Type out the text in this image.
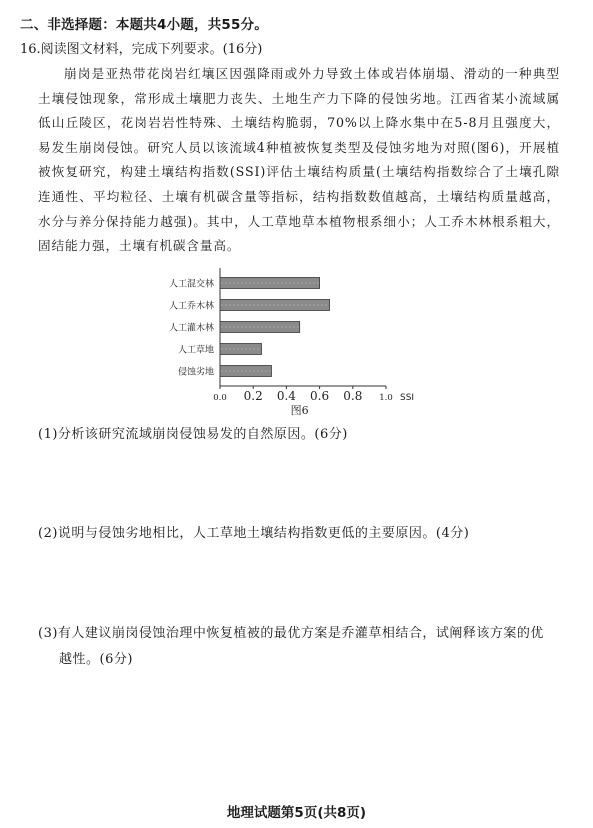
二、非选择题：本题共4小题，共55分。
16.阅读图文材料，完成下列要求。(16分)
崩岗是亚热带花岗岩红壤区因强降雨或外力导致土体或岩体崩塌、滑动的一种典型土壤侵蚀现象，常形成土壤肥力丧失、土地生产力下降的侵蚀劣地。江西省某小流域属低山丘陵区，花岗岩岩性特殊、土壤结构脆弱，70%以上降水集中在5-8月且强度大，易发生崩岗侵蚀。研究人员以该流域4种植被恢复类型及侵蚀劣地为对照(图6)，开展植被恢复研究，构建土壤结构指数(SSI)评估土壤结构质量(土壤结构指数综合了土壤孔隙连通性、平均粒径、土壤有机碳含量等指标，结构指数数值越高，土壤结构质量越高，水分与养分保持能力越强)。其中，人工草地草本植物根系细小；人工乔木林根系粗大，固结能力强，土壤有机碳含量高。
人工混交林
人工乔木林
人工灌木林
人工草地
侵蚀劣地
0.0 0.2 0.4 0.6 0.8 1.0 SSI
图6
(1)分析该研究流域崩岗侵蚀易发的自然原因。(6分)
(2)说明与侵蚀劣地相比，人工草地土壤结构指数更低的主要原因。(4分)
(3)有人建议崩岗侵蚀治理中恢复植被的最优方案是乔灌草相结合，试阐释该方案的优
越性。(6分)
地理试题第5页(共8页)
